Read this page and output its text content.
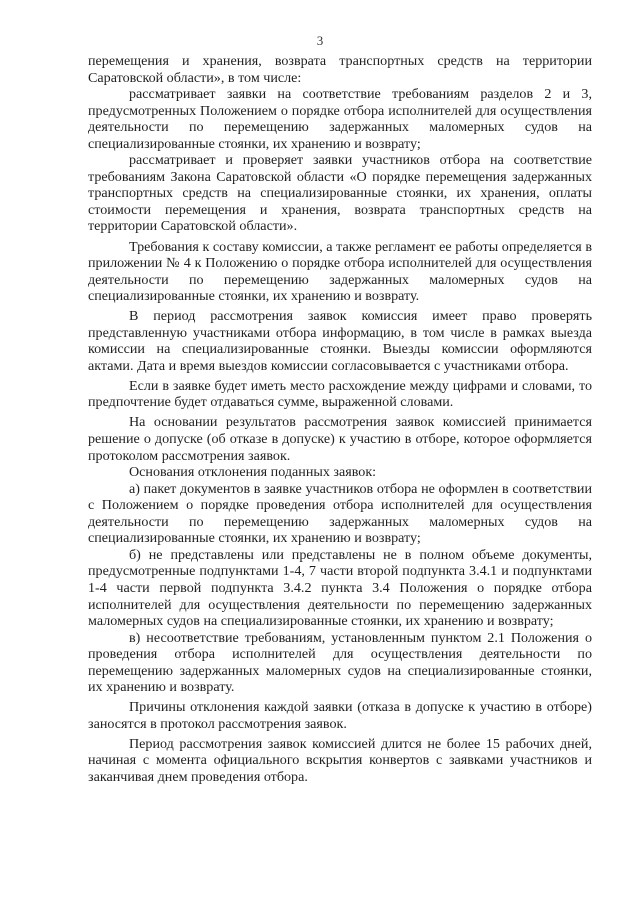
3

перемещения и хранения, возврата транспортных средств на территории Саратовской области», в том числе:

рассматривает заявки на соответствие требованиям разделов 2 и 3, предусмотренных Положением о порядке отбора исполнителей для осуществления деятельности по перемещению задержанных маломерных судов на специализированные стоянки, их хранению и возврату;

рассматривает и проверяет заявки участников отбора на соответствие требованиям Закона Саратовской области «О порядке перемещения задержанных транспортных средств на специализированные стоянки, их хранения, оплаты стоимости перемещения и хранения, возврата транспортных средств на территории Саратовской области».

Требования к составу комиссии, а также регламент ее работы определяется в приложении № 4 к Положению о порядке отбора исполнителей для осуществления деятельности по перемещению задержанных маломерных судов на специализированные стоянки, их хранению и возврату.

В период рассмотрения заявок комиссия имеет право проверять представленную участниками отбора информацию, в том числе в рамках выезда комиссии на специализированные стоянки. Выезды комиссии оформляются актами. Дата и время выездов комиссии согласовывается с участниками отбора.

Если в заявке будет иметь место расхождение между цифрами и словами, то предпочтение будет отдаваться сумме, выраженной словами.

На основании результатов рассмотрения заявок комиссией принимается решение о допуске (об отказе в допуске) к участию в отборе, которое оформляется протоколом рассмотрения заявок.

Основания отклонения поданных заявок:

а) пакет документов в заявке участников отбора не оформлен в соответствии с Положением о порядке проведения отбора исполнителей для осуществления деятельности по перемещению задержанных маломерных судов на специализированные стоянки, их хранению и возврату;

б) не представлены или представлены не в полном объеме документы, предусмотренные подпунктами 1-4, 7 части второй подпункта 3.4.1 и подпунктами 1-4 части первой подпункта 3.4.2 пункта 3.4 Положения о порядке отбора исполнителей для осуществления деятельности по перемещению задержанных маломерных судов на специализированные стоянки, их хранению и возврату;

в) несоответствие требованиям, установленным пунктом 2.1 Положения о проведения отбора исполнителей для осуществления деятельности по перемещению задержанных маломерных судов на специализированные стоянки, их хранению и возврату.

Причины отклонения каждой заявки (отказа в допуске к участию в отборе) заносятся в протокол рассмотрения заявок.

Период рассмотрения заявок комиссией длится не более 15 рабочих дней, начиная с момента официального вскрытия конвертов с заявками участников и заканчивая днем проведения отбора.
